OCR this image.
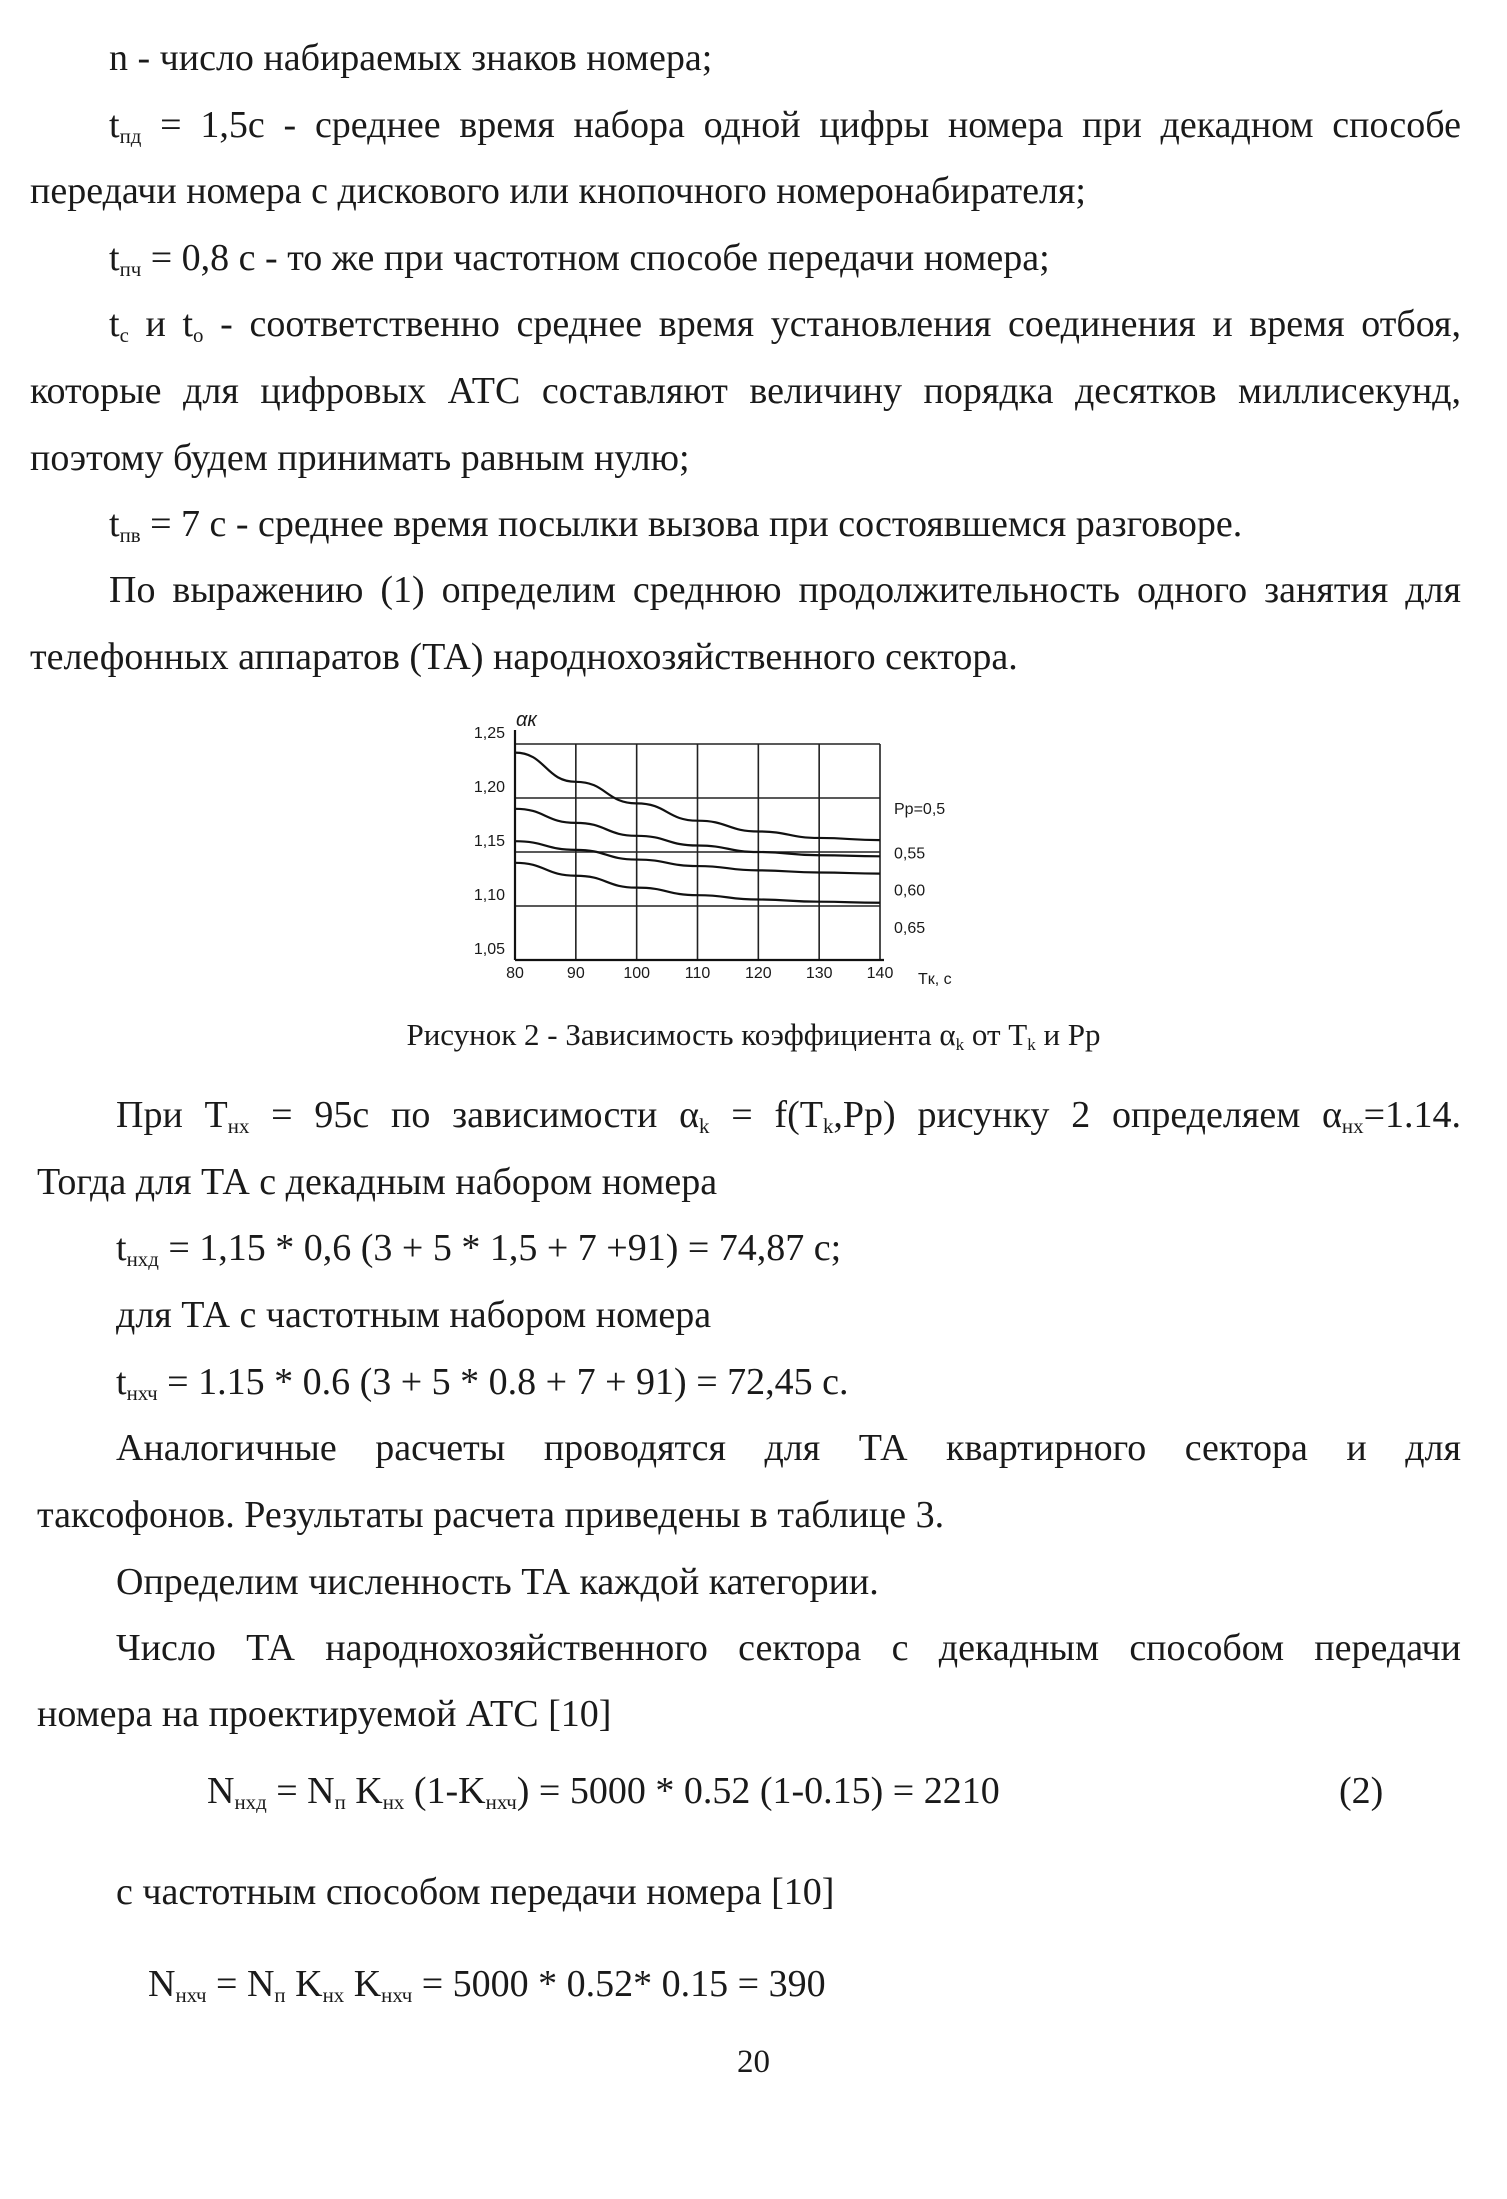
n - число набираемых знаков номера;
$t_{пд} = 1,5с$ - среднее время набора одной цифры номера при декадном способе
передачи номера с дискового или кнопочного номеронабирателя;
$t_{пч} = 0,8$ с - то же при частотном способе передачи номера;
$t_с$ и $t_о$ - соответственно среднее время установления соединения и время отбоя,
которые для цифровых АТС составляют величину порядка десятков миллисекунд,
поэтому будем принимать равным нулю;
$t_{пв} = 7$ с - среднее время посылки вызова при состоявшемся разговоре.
По выражению (1) определим среднюю продолжительность одного занятия для
телефонных аппаратов (ТА) народнохозяйственного сектора.
1,25
1,20
1,15
1,10
1,05
80	90 100 110 120 130 140
Pp=0,5
0,55
0,60
0,65
αк
Tк, с
Рисунок 2 - Зависимость коэффициента $\alpha_k$ от $T_k$ и Pp
При $Т_{нх} = 95с$ по зависимости $\alpha_k = f(Т_k,Рр)$ рисунку 2 определяем $\alpha_{нх}=1.14$.
Тогда для ТА с декадным набором номера
$t_{нхд} = 1,15 * 0,6$ (3 + 5 * 1,5 + 7 +91) = 74,87 с;
для ТА с частотным набором номера
$t_{нхч} = 1.15 * 0.6$ (3 + 5 * 0.8 + 7 + 91) = 72,45 с.
Аналогичные расчеты проводятся для ТА квартирного сектора и для
таксофонов. Результаты расчета приведены в таблице 3.
Определим численность ТА каждой категории.
Число ТА народнохозяйственного сектора с декадным способом передачи
номера на проектируемой АТС [10]
$N_{нхд} = N_п$ $K_{нх}$ $(1-K_{нхч}) = 5000 * 0.52$ (1-0.15) = 2210	(2)
с частотным способом передачи номера [10]
$N_{нхч} = N_п$ $K_{нх}$ $K_{нхч} = 5000 * 0.52*$ 0.15 = 390
20
